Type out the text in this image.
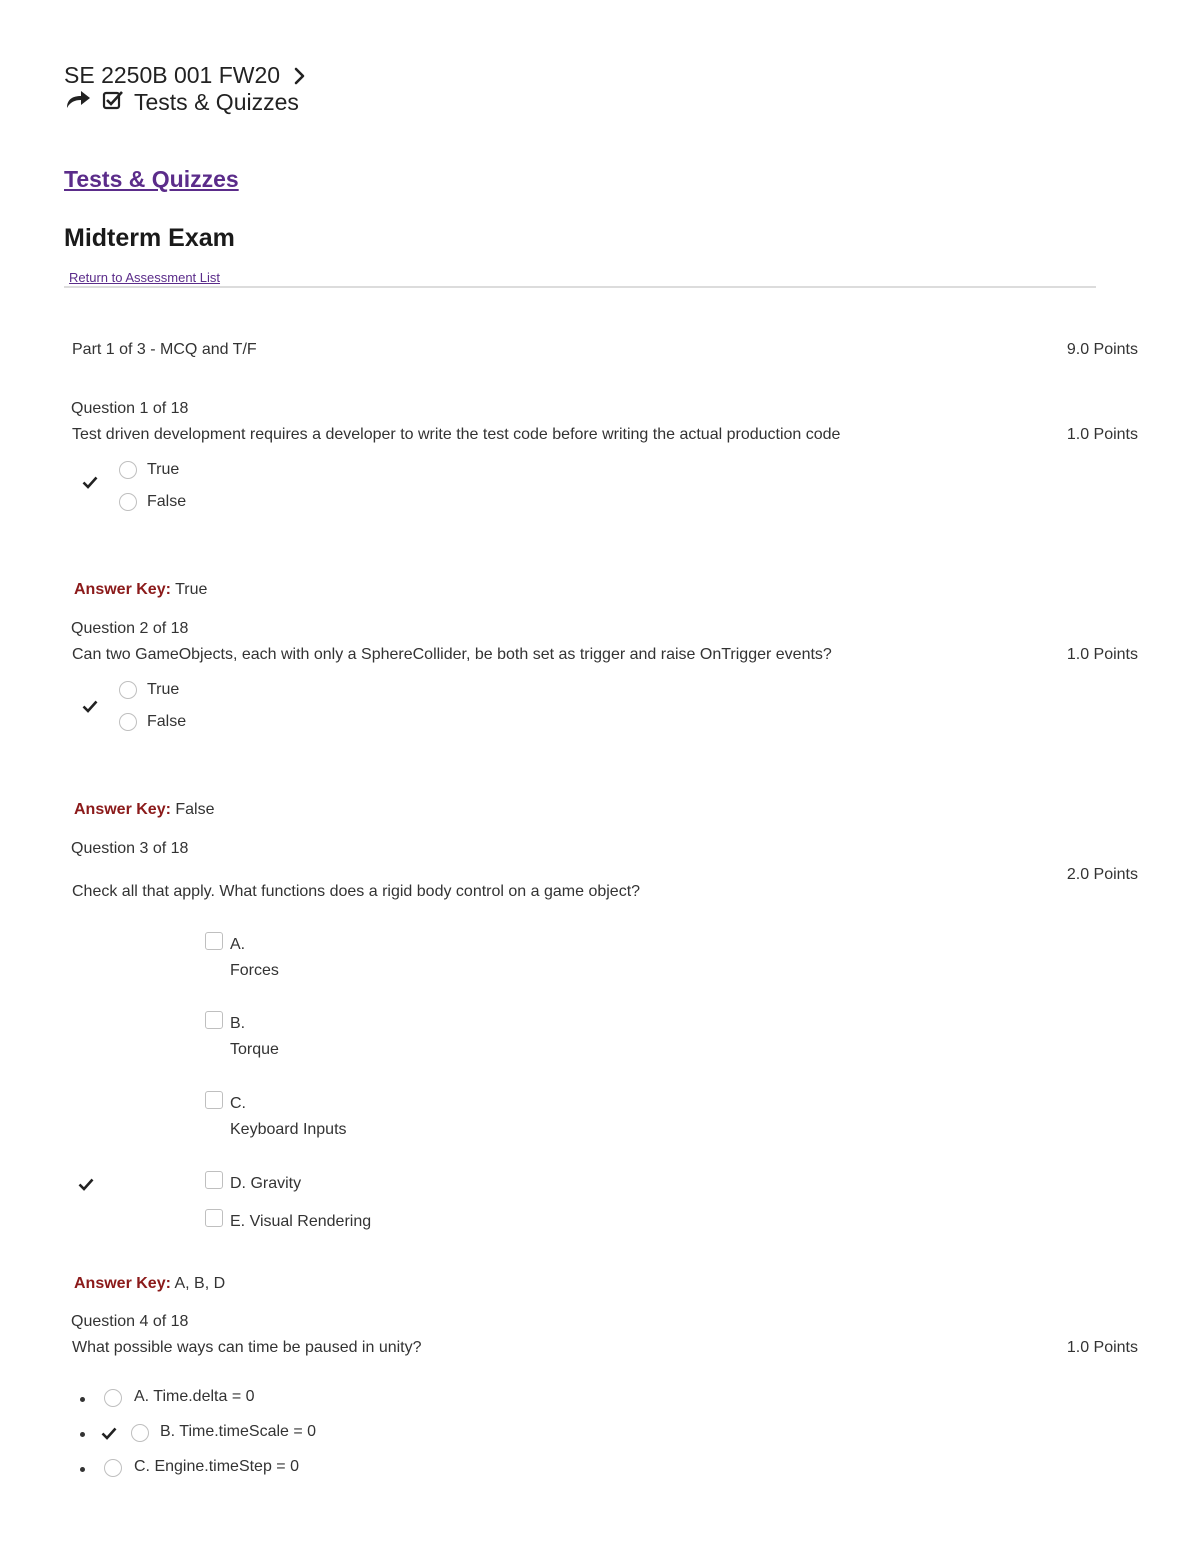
SE 2250B 001 FW20
Tests & Quizzes
Tests & Quizzes
Midterm Exam
Return to Assessment List
Part 1 of 3 - MCQ and T/F	9.0 Points
Question 1 of 18
Test driven development requires a developer to write the test code before writing the actual production code	1.0 Points
True
False
Answer Key: True
Question 2 of 18
Can two GameObjects, each with only a SphereCollider, be both set as trigger and raise OnTrigger events?	1.0 Points
True
False
Answer Key: False
Question 3 of 18
2.0 Points
Check all that apply. What functions does a rigid body control on a game object?
A.
Forces
B.
Torque
C.
Keyboard Inputs
D. Gravity
E. Visual Rendering
Answer Key: A, B, D
Question 4 of 18
What possible ways can time be paused in unity?	1.0 Points
A. Time.delta = 0
B. Time.timeScale = 0
C. Engine.timeStep = 0
